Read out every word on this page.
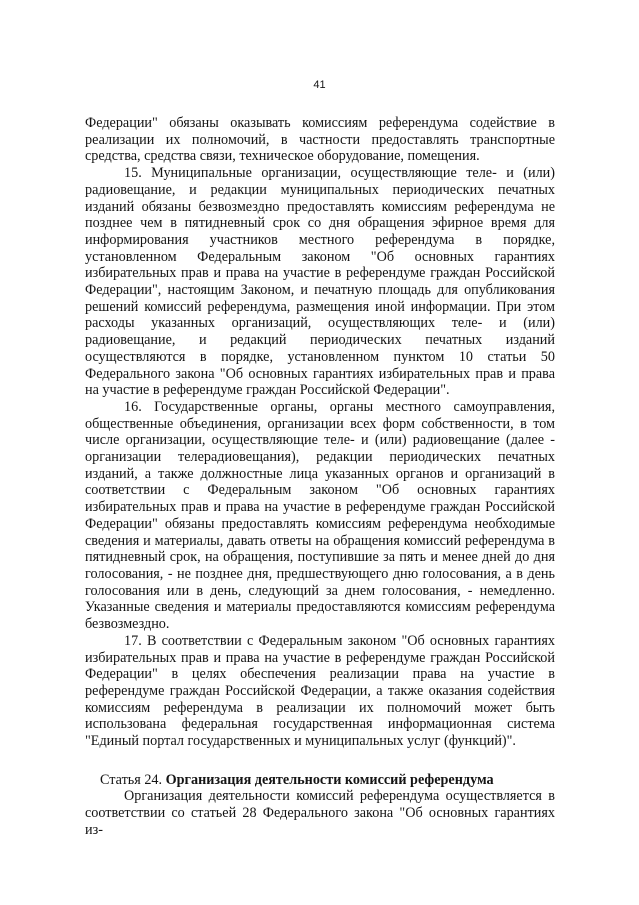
41

Федерации" обязаны оказывать комиссиям референдума содействие в реализации их полномочий, в частности предоставлять транспортные средства, средства связи, техническое оборудование, помещения.

15. Муниципальные организации, осуществляющие теле- и (или) радиовещание, и редакции муниципальных периодических печатных изданий обязаны безвозмездно предоставлять комиссиям референдума не позднее чем в пятидневный срок со дня обращения эфирное время для информирования участников местного референдума в порядке, установленном Федеральным законом "Об основных гарантиях избирательных прав и права на участие в референдуме граждан Российской Федерации", настоящим Законом, и печатную площадь для опубликования решений комиссий референдума, размещения иной информации. При этом расходы указанных организаций, осуществляющих теле- и (или) радиовещание, и редакций периодических печатных изданий осуществляются в порядке, установленном пунктом 10 статьи 50 Федерального закона "Об основных гарантиях избирательных прав и права на участие в референдуме граждан Российской Федерации".

16. Государственные органы, органы местного самоуправления, общественные объединения, организации всех форм собственности, в том числе организации, осуществляющие теле- и (или) радиовещание (далее - организации телерадиовещания), редакции периодических печатных изданий, а также должностные лица указанных органов и организаций в соответствии с Федеральным законом "Об основных гарантиях избирательных прав и права на участие в референдуме граждан Российской Федерации" обязаны предоставлять комиссиям референдума необходимые сведения и материалы, давать ответы на обращения комиссий референдума в пятидневный срок, на обращения, поступившие за пять и менее дней до дня голосования, - не позднее дня, предшествующего дню голосования, а в день голосования или в день, следующий за днем голосования, - немедленно. Указанные сведения и материалы предоставляются комиссиям референдума безвозмездно.

17. В соответствии с Федеральным законом "Об основных гарантиях избирательных прав и права на участие в референдуме граждан Российской Федерации" в целях обеспечения реализации права на участие в референдуме граждан Российской Федерации, а также оказания содействия комиссиям референдума в реализации их полномочий может быть использована федеральная государственная информационная система "Единый портал государственных и муниципальных услуг (функций)".

Статья 24. Организация деятельности комиссий референдума

Организация деятельности комиссий референдума осуществляется в соответствии со статьей 28 Федерального закона "Об основных гарантиях из-
